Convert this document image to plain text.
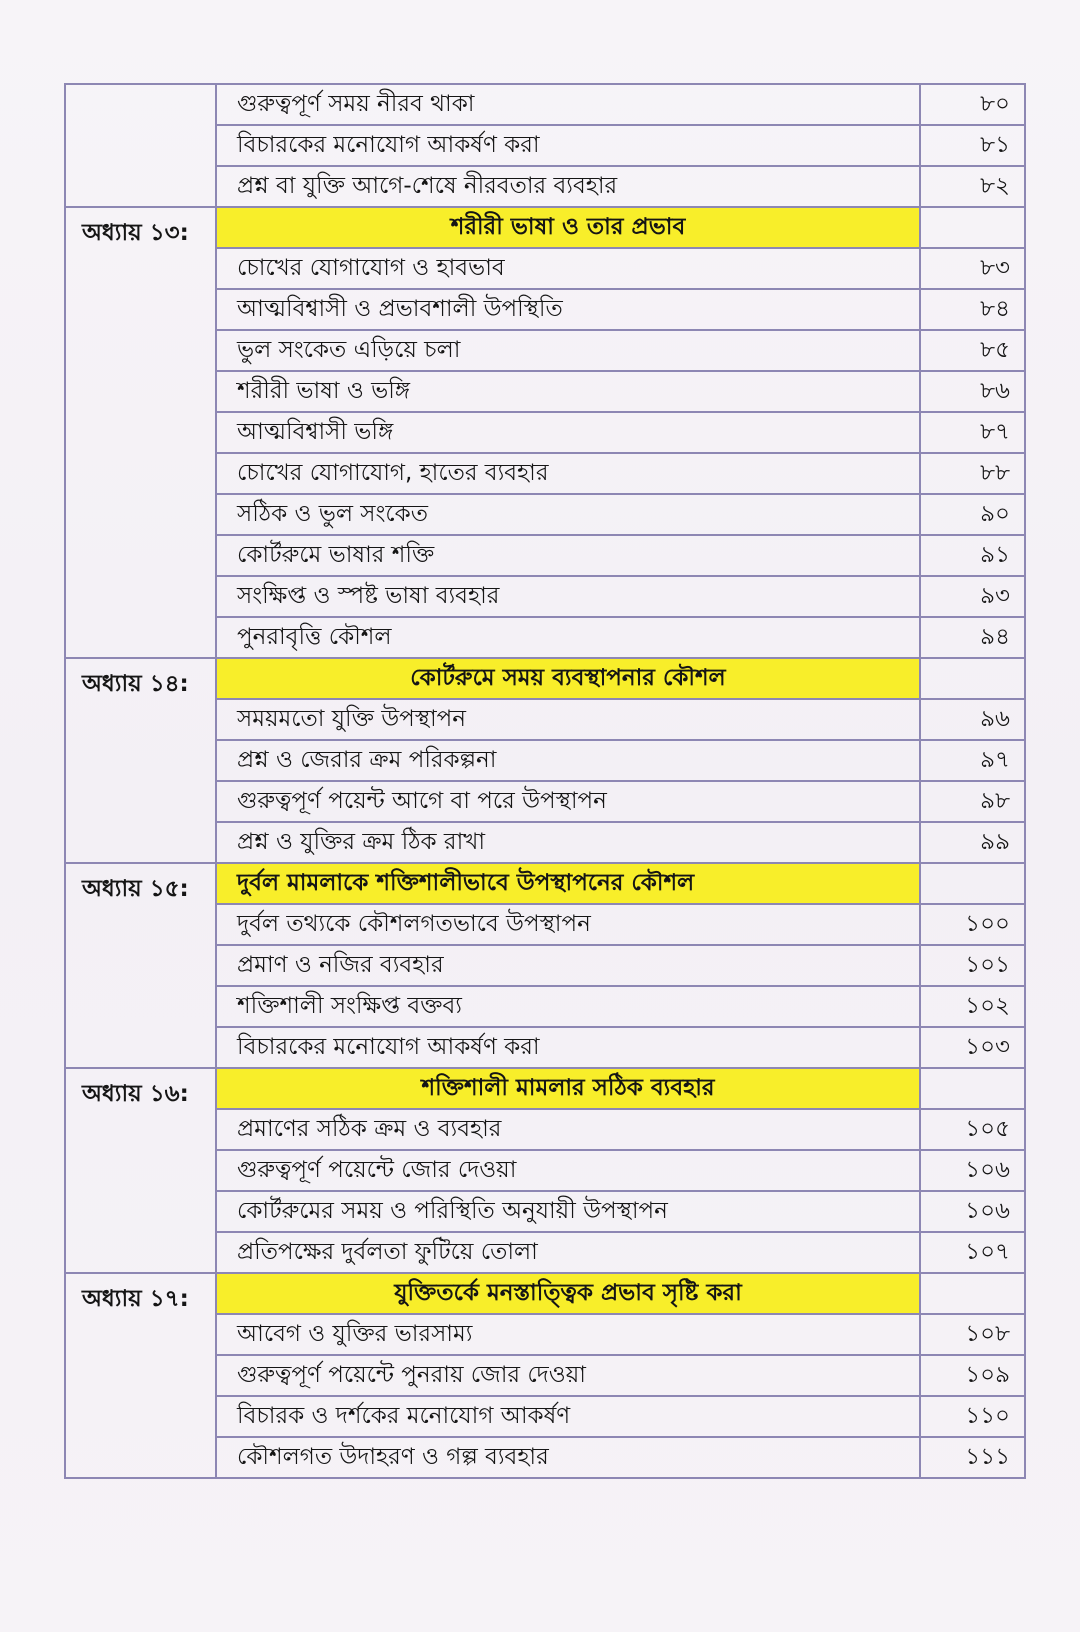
	গুরুত্বপূর্ণ সময় নীরব থাকা	৮০
	বিচারকের মনোযোগ আকর্ষণ করা	৮১
	প্রশ্ন বা যুক্তি আগে-শেষে নীরবতার ব্যবহার	৮২
অধ্যায় ১৩:	শরীরী ভাষা ও তার প্রভাব	
	চোখের যোগাযোগ ও হাবভাব	৮৩
	আত্মবিশ্বাসী ও প্রভাবশালী উপস্থিতি	৮৪
	ভুল সংকেত এড়িয়ে চলা	৮৫
	শরীরী ভাষা ও ভঙ্গি	৮৬
	আত্মবিশ্বাসী ভঙ্গি	৮৭
	চোখের যোগাযোগ, হাতের ব্যবহার	৮৮
	সঠিক ও ভুল সংকেত	৯০
	কোর্টরুমে ভাষার শক্তি	৯১
	সংক্ষিপ্ত ও স্পষ্ট ভাষা ব্যবহার	৯৩
	পুনরাবৃত্তি কৌশল	৯৪
অধ্যায় ১৪:	কোর্টরুমে সময় ব্যবস্থাপনার কৌশল	
	সময়মতো যুক্তি উপস্থাপন	৯৬
	প্রশ্ন ও জেরার ক্রম পরিকল্পনা	৯৭
	গুরুত্বপূর্ণ পয়েন্ট আগে বা পরে উপস্থাপন	৯৮
	প্রশ্ন ও যুক্তির ক্রম ঠিক রাখা	৯৯
অধ্যায় ১৫:	দুর্বল মামলাকে শক্তিশালীভাবে উপস্থাপনের কৌশল	
	দুর্বল তথ্যকে কৌশলগতভাবে উপস্থাপন	১০০
	প্রমাণ ও নজির ব্যবহার	১০১
	শক্তিশালী সংক্ষিপ্ত বক্তব্য	১০২
	বিচারকের মনোযোগ আকর্ষণ করা	১০৩
অধ্যায় ১৬:	শক্তিশালী মামলার সঠিক ব্যবহার	
	প্রমাণের সঠিক ক্রম ও ব্যবহার	১০৫
	গুরুত্বপূর্ণ পয়েন্টে জোর দেওয়া	১০৬
	কোর্টরুমের সময় ও পরিস্থিতি অনুযায়ী উপস্থাপন	১০৬
	প্রতিপক্ষের দুর্বলতা ফুটিয়ে তোলা	১০৭
অধ্যায় ১৭:	যুক্তিতর্কে মনস্তাত্ত্বিক প্রভাব সৃষ্টি করা	
	আবেগ ও যুক্তির ভারসাম্য	১০৮
	গুরুত্বপূর্ণ পয়েন্টে পুনরায় জোর দেওয়া	১০৯
	বিচারক ও দর্শকের মনোযোগ আকর্ষণ	১১০
	কৌশলগত উদাহরণ ও গল্প ব্যবহার	১১১
